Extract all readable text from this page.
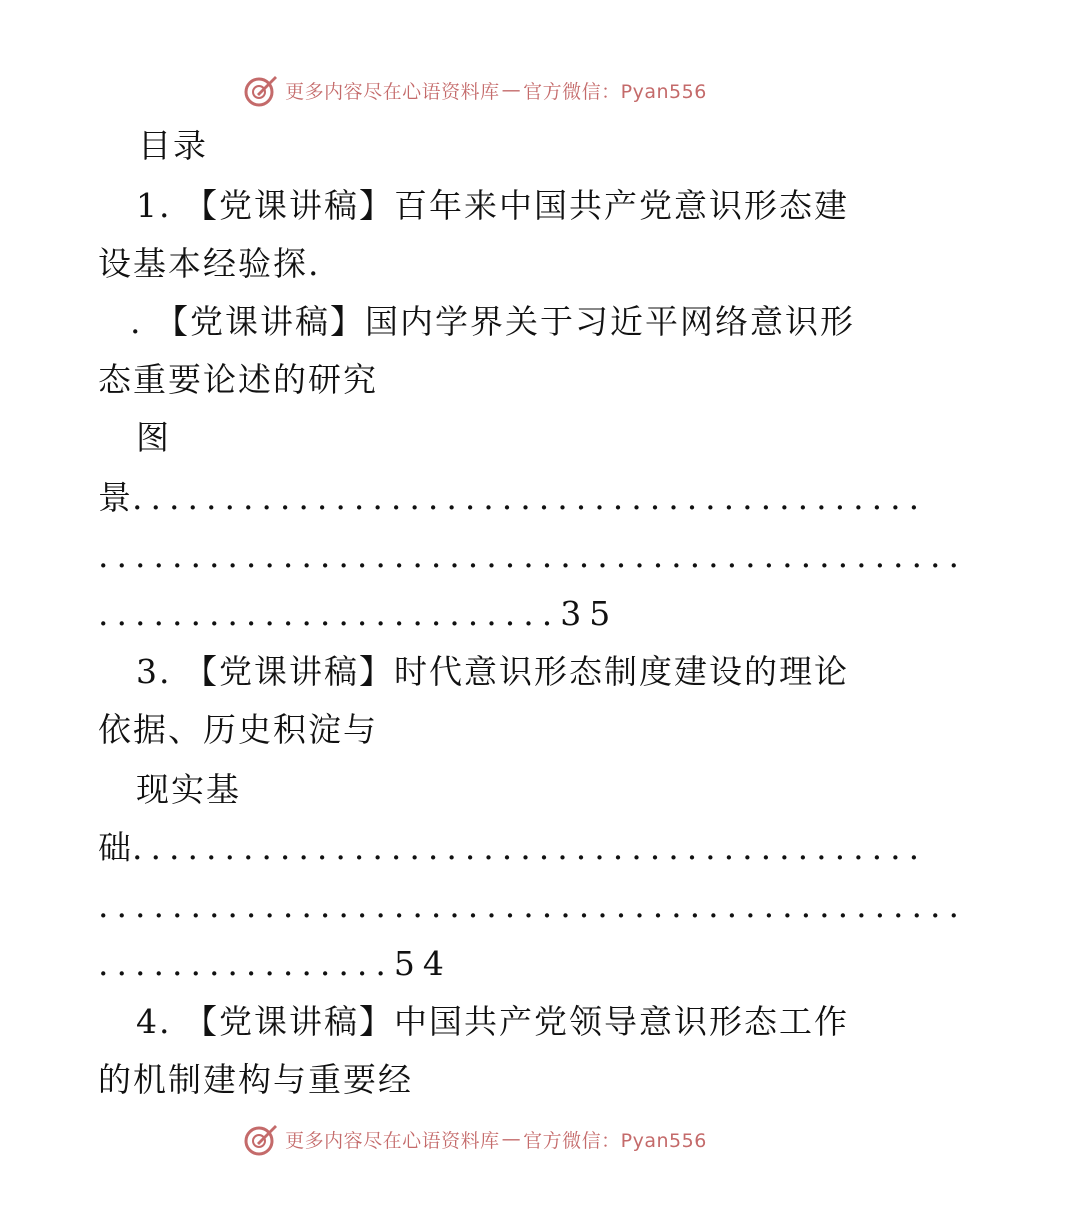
更多内容尽在心语资料库 — 官方微信：Pyan556
目录
1. 【党课讲稿】百年来中国共产党意识形态建
设基本经验探.
. 【党课讲稿】国内学界关于习近平网络意识形
态重要论述的研究
图
景 ...........................................
...............................................
.........................35
3. 【党课讲稿】时代意识形态制度建设的理论
依据、历史积淀与
现实基
础 ...........................................
...............................................
................54
4. 【党课讲稿】中国共产党领导意识形态工作
的机制建构与重要经
更多内容尽在心语资料库 — 官方微信：Pyan556
